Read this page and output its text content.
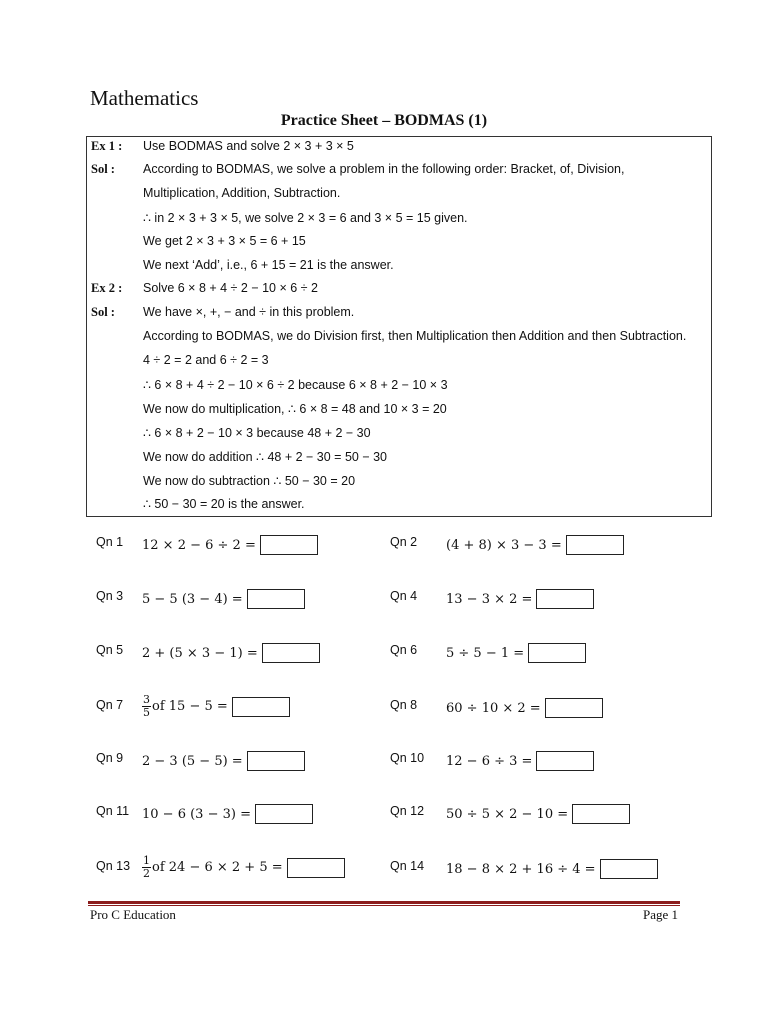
Mathematics
Practice Sheet – BODMAS (1)
Ex 1 :	Use BODMAS and solve 2 × 3 + 3 × 5
Sol :	According to BODMAS, we solve a problem in the following order: Bracket, of, Division,
Multiplication, Addition, Subtraction.
∴ in 2 × 3 + 3 × 5, we solve 2 × 3 = 6 and 3 × 5 = 15 given.
We get 2 × 3 + 3 × 5 = 6 + 15
We next ‘Add’, i.e., 6 + 15 = 21 is the answer.
Ex 2 :	Solve 6 × 8 + 4 ÷ 2 − 10 × 6 ÷ 2
Sol :	We have ×, +, − and ÷ in this problem.
According to BODMAS, we do Division first, then Multiplication then Addition and then Subtraction.
4 ÷ 2 = 2 and 6 ÷ 2 = 3
∴ 6 × 8 + 4 ÷ 2 − 10 × 6 ÷ 2 because 6 × 8 + 2 − 10 × 3
We now do multiplication, ∴ 6 × 8 = 48 and 10 × 3 = 20
∴ 6 × 8 + 2 − 10 × 3 because 48 + 2 − 30
We now do addition ∴ 48 + 2 − 30 = 50 − 30
We now do subtraction ∴ 50 − 30 = 20
∴ 50 − 30 = 20 is the answer.
Qn 1 12 × 2 − 6 ÷ 2 =	Qn 2 (4 + 8) × 3 − 3 =
Qn 3 5 − 5 (3 − 4) =	Qn 4 13 − 3 × 2 =
Qn 5 2 + (5 × 3 − 1) =	Qn 6 5 ÷ 5 − 1 =
Qn $7 \frac{3}{5}$ of 15 − 5 =	Qn 8 60 ÷ 10 × 2 =
Qn 9 2 − 3 (5 − 5) =	Qn 10 12 − 6 ÷ 3 =
Qn 11 10 − 6 (3 − 3) =	Qn 12 50 ÷ 5 × 2 − 10 =
Qn $13 \frac{1}{2}$ of 24 − 6 × 2 + 5 =	Qn 14 18 − 8 × 2 + 16 ÷ 4 =
Pro C Education	Page 1
